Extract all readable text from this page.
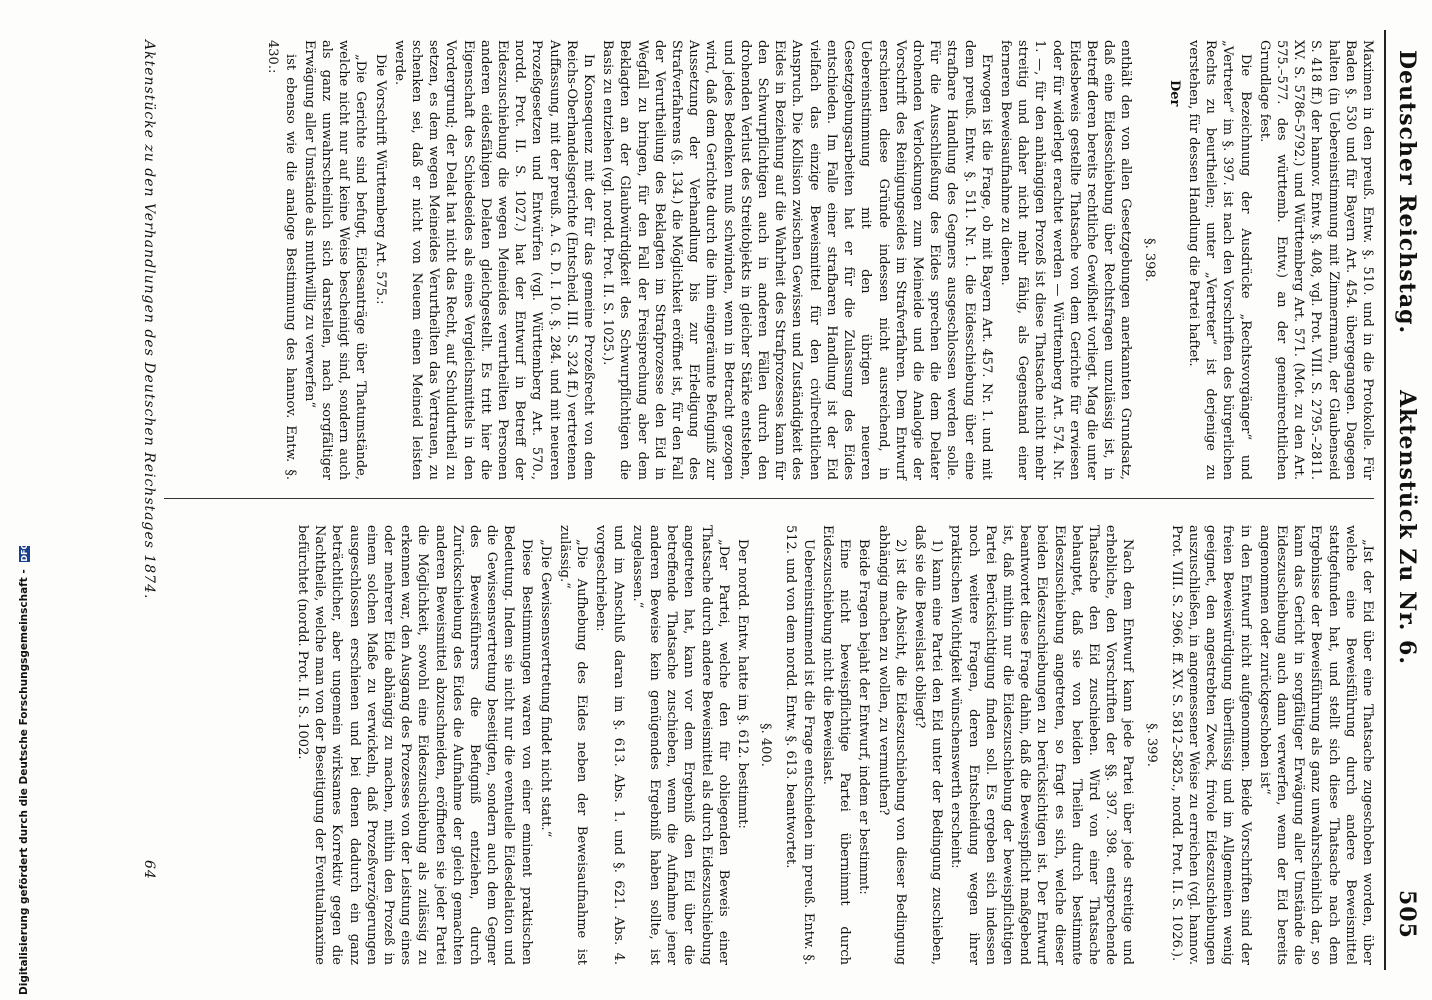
Deutscher Reichstag.
Aktenstück Zu Nr. 6.
505

Maximen in den preuß. Entw. §. 510. und in die Protokolle. Für Baden §. 530 und für Bayern Art. 454. übergegangen. Dagegen halten (in Uebereinstimmung mit Zimmermann, der Glaubenseid S. 418 ff.) der hannov. Entw. §. 408, vgl. Prot. VIII. S. 2795.–2811. XV. S. 5786–5792.) und Württemberg Art. 571. (Mot. zu den Art. 575.–577. des württemb. Entw.) an der gemeinrechtlichen Grundlage fest.

Die Bezeichnung der Ausdrücke „Rechtsvorgänger“ und „Vertreter“ im §. 397. ist nach den Vorschriften des bürgerlichen Rechts zu beurtheilen; unter „Vertreter“ ist derjenige zu verstehen, für dessen Handlung die Partei haftet.

Der

§. 398.

enthält den von allen Gesetzgebungen anerkannten Grundsatz, daß eine Eidesschiebung über Rechtsfragen unzulässig ist, in Betreff deren bereits rechtliche Gewißheit vorliegt. Mag die unter Eidesbeweis gestellte Thatsache von dem Gerichte für erwiesen oder für widerlegt erachtet werden — Württemberg Art. 574. Nr. 1. —, für den anhängigen Prozeß ist diese Thatsache nicht mehr streitig und daher nicht mehr fähig, als Gegenstand einer ferneren Beweisaufnahme zu dienen.

Erwogen ist die Frage, ob mit Bayern Art. 457. Nr. 1. und mit dem preuß. Entw. §. 511. Nr. 1. die Eidesschiebung über eine strafbare Handlung des Gegners ausgeschlossen werden solle. Für die Ausschließung des Eides sprechen die dem Delater drohenden Verlockungen zum Meineide und die Analogie der Vorschrift des Reinigungseides im Strafverfahren. Dem Entwurf erschienen diese Gründe indessen nicht ausreichend, in Uebereinstimmung mit den übrigen neueren Gesetzgebungsarbeiten hat er für die Zulassung des Eides entschieden. Im Falle einer strafbaren Handlung ist der Eid vielfach das einzige Beweismittel für den civilrechtlichen Anspruch. Die Kollision zwischen Gewissen und Zuständigkeit des Eides in Beziehung auf die Wahrheit des Strafprozesses kann für den Schwurpflichtigen auch in anderen Fällen durch den drohenden Verlust des Streitobjekts in gleicher Stärke entstehen, und jedes Bedenken muß schwinden, wenn in Betracht gezogen wird, daß dem Gerichte durch die ihm eingeräumte Befugniß zur Aussetzung der Verhandlung bis zur Erledigung des Strafverfahrens (§. 134.) die Möglichkeit eröffnet ist, für den Fall der Verurtheilung des Beklagten im Strafprozesse den Eid in Wegfall zu bringen, für den Fall der Freisprechung aber dem Beklagten an der Glaubwürdigkeit des Schwurpflichtigen die Basis zu entziehen (vgl. nordd. Prot. II. S. 1025.).

In Konsequenz mit der für das gemeine Prozeßrecht von dem Reichs-Oberhandelsgerichte (Entscheid. III. S. 324 ff.) vertretenen Auffassung, mit der preuß. A. G. D. I. 10. §. 284. und mit neueren Prozeßgesetzen und Entwürfen (vgl. Württemberg Art. 570., nordd. Prot. II. S. 1027.) hat der Entwurf in Betreff der Eideszuschiebung die wegen Meineides verurtheilten Personen anderen eidesfähigen Delaten gleichgestellt. Es tritt hier die Eigenschaft des Schiedseides als eines Vergleichsmittels in den Vordergrund; der Delat hat nicht das Recht, auf Schuldurtheil zu setzen, es dem wegen Meineides Verurtheilten das Vertrauen, zu schenken sei, daß er nicht von Neuem einen Meineid leisten werde.

Die Vorschrift Württemberg Art. 575.:

„Die Gerichte sind befugt, Eidesanträge über Thatumstände, welche nicht nur auf keine Weise bescheinigt sind, sondern auch als ganz unwahrscheinlich sich darstellen, nach sorgfältiger Erwägung aller Umstände als muthwillig zu verwerfen“

ist ebenso wie die analoge Bestimmung des hannov. Entw. §. 430.:

„Ist der Eid über eine Thatsache zugeschoben worden, über welche eine Beweisführung durch andere Beweismittel stattgefunden hat, und stellt sich diese Thatsache nach dem Ergebnisse der Beweisführung als ganz unwahrscheinlich dar, so kann das Gericht in sorgfältiger Erwägung aller Umstände die Eideszuschiebung auch dann verwerfen, wenn der Eid bereits angenommen oder zurückgeschoben ist“

in den Entwurf nicht aufgenommen. Beide Vorschriften sind der freien Beweiswürdigung überflüssig und im Allgemeinen wenig geeignet, den angestrebten Zweck, frivole Eideszuschiebungen auszuschließen, in angemessener Weise zu erreichen (vgl. hannov. Prot. VIII. S. 2966. ff. XV. S. 5812–5825., nordd. Prot. II. S. 1026.).

§. 399.

Nach dem Entwurf kann jede Partei über jede streitige und erhebliche, den Vorschriften der §§. 397. 398. entsprechende Thatsache den Eid zuschieben. Wird von einer Thatsache behauptet, daß sie von beiden Theilen durch bestimmte Eideszuschiebung angetreten, so fragt es sich, welche dieser beiden Eideszuschiebungen zu berücksichtigen ist. Der Entwurf beantwortet diese Frage dahin, daß die Beweispflicht maßgebend ist, daß mithin nur die Eideszuschiebung der beweispflichtigen Partei Berücksichtigung finden soll. Es ergeben sich indessen noch weitere Fragen, deren Entscheidung wegen ihrer praktischen Wichtigkeit wünschenswerth erscheint:

1) kann eine Partei den Eid unter der Bedingung zuschieben, daß sie die Beweislast obliegt?

2) ist die Absicht, die Eideszuschiebung von dieser Bedingung abhängig machen zu wollen, zu vermuthen?

Beide Fragen bejaht der Entwurf, indem er bestimmt:

Eine nicht beweispflichtige Partei übernimmt durch Eideszuschiebung nicht die Beweislast.

Uebereinstimmend ist die Frage entschieden im preuß. Entw. §. 512. und von dem nordd. Entw. §. 613. beantwortet.

§. 400.

Der nordd. Entw. hatte im §. 612. bestimmt:

„Der Partei, welche den für obliegenden Beweis einer Thatsache durch andere Beweismittel als durch Eideszuschiebung angetreten hat, kann vor dem Ergebniß den Eid über die betreffende Thatsache zuschieben, wenn die Aufnahme jener anderen Beweise kein genügendes Ergebniß haben sollte, ist zugelassen.“

und im Anschluß daran im §. 613. Abs. 1. und §. 621. Abs. 4. vorgeschrieben:

„Die Aufhebung des Eides neben der Beweisaufnahme ist zulässig.“

„Die Gewissensvertretung findet nicht statt.“

Diese Bestimmungen waren von einer eminent praktischen Bedeutung. Indem sie nicht nur die eventuelle Eidesdelation und die Gewissensvertretung beseitigten, sondern auch dem Gegner des Beweisführers die Befugniß entziehen, durch Zurückschiebung des Eides die Aufnahme der gleich gemachten anderen Beweismittel abzuschneiden, eröffneten sie jeder Partei die Möglichkeit, sowohl eine Eideszuschiebung als zulässig zu erkennen war, den Ausgang des Prozesses von der Leistung eines oder mehrerer Eide abhängig zu machen, mithin den Prozeß in einem solchen Maße zu verwickeln, daß Prozeßverzögerungen ausgeschlossen erschienen und bei denen dadurch ein ganz beträchtlicher, aber ungemein wirksames Korrektiv gegen die Nachtheile, welche man von der Beseitigung der Eventualmaxime befürchtet (nordd. Prot. II. S. 1002.

Aktenstücke zu den Verhandlungen des Deutschen Reichstages 1874.
64
Digitalisierung gefördert durch die Deutsche Forschungsgemeinschaft - DFG
